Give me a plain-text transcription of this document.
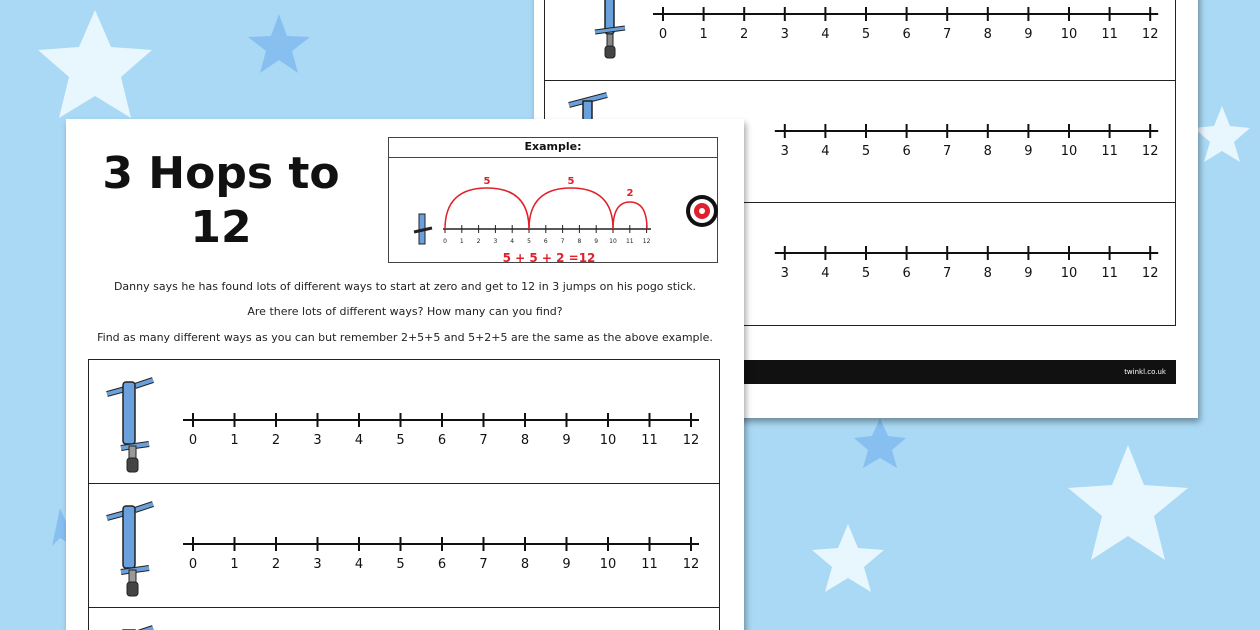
0 1 2 3 4 5 6 7 8 9 10 11 12
3 4 5 6 7 8 9 10 11 12
3 4 5 6 7 8 9 10 11 12
twinkl.co.uk
3 Hops to
12
Example:
0 1 2 3 4 5 6 7 8 9 10 11 12
5	5
2
5 + 5 + 2 =12
Danny says he has found lots of different ways to start at zero and get to 12 in 3 jumps on his pogo stick.
Are there lots of different ways? How many can you find?
Find as many different ways as you can but remember 2+5+5 and 5+2+5 are the same as the above example.
0	1	2	3	4	5	6	7	8	9 10 11 12
0	1	2	3	4	5	6	7	8	9 10 11 12
